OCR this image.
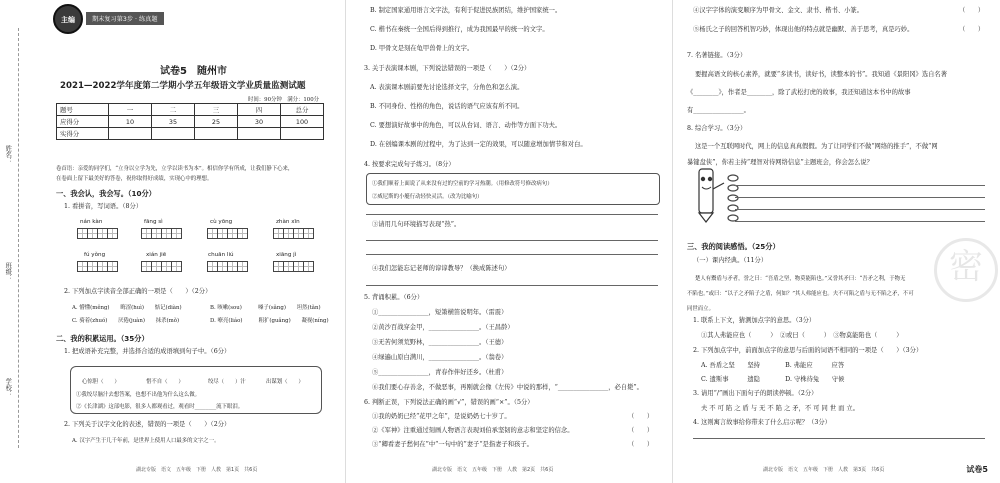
姓名：
班级：
学校：
主编	期末复习第3步 · 练真题
试卷5　随州市
2021—2022学年度第二学期小学五年级语文学业质量监测试题
时间：90分钟　满分：100分
题号	一	二	三	四	总分
应得分	10	35	25	30	100
实得分					
卷首语：亲爱的同学们，“立身以立学为先，立学以读书为本”。相信你学有所成，让我们静下心来，
在卷面上留下最美好的答卷，祝你取得好成绩，实现心中的理想。
一、我会认，我会写。（10分）
1. 看拼音，写词语。（8分）
nán kàn	fāng sì	cù yōng	zhàn xīn
fú yǒng	xián jiē	chuān liú	xiāng jì
2. 下列加点字读音全部正确的一项是（　　）（2分）
A. 懵懂(měng)　　晦涩(huì)　　惦记(diàn)	B. 咳嗽(sou)　　　嗓子(sǎng)　　坦然(tǎn)
C. 骑着(zhuó)　　厌倦(juàn)　　抹杀(mǒ)	D. 嘹亮(liáo)　　　粗犷(guǎng)　　凝视(níng)
二、我的积累运用。（35分）
1. 把成语补充完整，并选择合适的成语填到句子中。（6分）
心惊胆（　　）	惜不自（　　）	绞尽（　　）汁	出谋划（　　）
①我绞尽脑汁去想答案，也想不出他为什么这么做。
②《长津湖》这部电影，很多人都观看过，观看时________流下眼泪。
2. 下列关于汉字文化的表述，错误的一项是（　　）（2分）
A. 汉字产生于几千年前，是世界上使用人口最多的文字之一。
湖北专版　语文　五年级　下册　人教　第1页　共6页
B. 制定国家通用语言文字法，有利于促进民族团结，维护国家统一。
C. 楷书在秦统一全国后得到推行，成为我国最早的统一的文字。
D. 甲骨文是刻在龟甲兽骨上的文字。
3. 关于表演课本剧，下列说法错误的一项是（　　）（2分）
A. 表演课本剧前要先讨论选择文字，分角色和怎么演。
B. 不同身份、性格的角色，说话的语气应该有所不同。
C. 要想演好故事中的角色，可以从台词、语言、动作等方面下功夫。
D. 在创编课本剧的过程中，为了达到一定的效果，可以随意增加情节和对白。
4. 按要求完成句子练习。（8分）
①我们顺着上面说了从来没有过的空前的学习热潮。（用修改符号修改病句）
②威尼斯的小艇行动轻快灵活。（改为比喻句）
③请用几句环境描写表现“热”。
④我们怎能忘记老师的谆谆教导？（换成陈述句）
5. 背诵积累。（6分）
①________________，短箫横笛说明年。（雷震）
②黄沙百战穿金甲，________________。（王昌龄）
③无苦何须荒野林，________________。（王德）
④绿遍山原白满川，________________。（翁卷）
⑤________________，青春作伴好还乡。（杜甫）
⑥我们要心存善念，不做恶事，再刚就会像《左传》中说的那样，“________________，必自毙”。
6. 判断正误，下列说法正确的画“√”，错误的画“×”。（5分）
①我的奶奶已经“花甲之年”，是说奶奶七十岁了。	（　　）
②《军神》注重通过刻画人物语言表现刘伯承坚韧的意志和坚定的信念。	（　　）
③“卿看妻子愁何在”中“一句中的”妻子“是指妻子和孩子。	（　　）
湖北专版　语文　五年级　下册　人教　第2页　共6页
④汉字字体的演变顺序为甲骨文、金文、隶书、楷书、小篆。	（　　）
⑤杨氏之子的回答机智巧妙，体现出他的特点就是幽默、善于思考，真是巧妙。	（　　）
7. 名著链接。（3分）
要握高语文的核心素养，就要“多读书，读好书，读整本的书”。我知道《景阳冈》选自名著
《________》，作者是________，除了武松打虎的故事，我还知道这本书中的故事
有________________。
8. 综合学习。（3分）
这是一个互联网时代，网上的信息真真假假。为了让同学们不做“网络的推手”，不做“网
暴键盘侠”，你若主持“理智对待网络信息”主题班会，你会怎么说？
三、我的阅读感悟。（25分）
（一）课内经典。（11分）
楚人有鬻盾与矛者，誉之曰：“吾盾之坚，物莫能陷也。”又誉其矛曰：“吾矛之利，于物无
不陷也。”或曰：“以子之矛陷子之盾，何如？”其人弗能应也。夫不可陷之盾与无不陷之矛，不可
同世而立。
1. 联系上下文，猜测加点字的意思。（3分）
①其人弗能应也（　　　）　②或曰（　　　）　③物莫能陷也（　　　）
2. 下列加点字中，前面加点字的意思与后面的词语不相同的一项是（　　）（3分）
A. 吾盾之坚　　坚持　　　　B. 弗能应　　　应答
C. 遗斯事　　　遗隐　　　　D. 守株待兔　　守候
3. 请用“/”画出下面句子的朗读停顿。（2分）
夫 不 可 陷 之 盾 与 无 不 陷 之 矛，不 可 同 世 而 立。
4. 这则寓言故事给你带来了什么启示呢？（3分）
密
湖北专版　语文　五年级　下册　人教　第3页　共6页	试卷5
